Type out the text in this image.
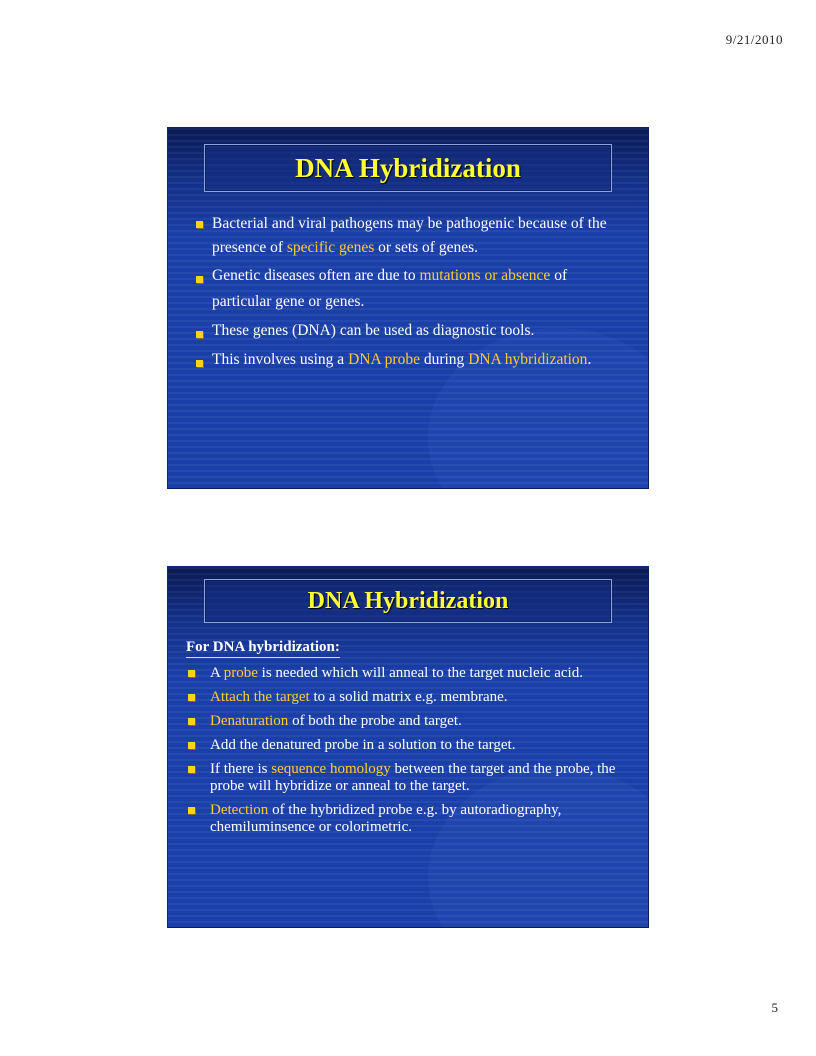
9/21/2010
DNA Hybridization
Bacterial and viral pathogens may be pathogenic because of the presence of specific genes or sets of genes.
Genetic diseases often are due to mutations or absence of particular gene or genes.
These genes (DNA) can be used as diagnostic tools.
This involves using a DNA probe during DNA hybridization.
DNA Hybridization
For DNA hybridization:
A probe is needed which will anneal to the target nucleic acid.
Attach the target to a solid matrix e.g. membrane.
Denaturation of both the probe and target.
Add the denatured probe in a solution to the target.
If there is sequence homology between the target and the probe, the probe will hybridize or anneal to the target.
Detection of the hybridized probe e.g. by autoradiography, chemiluminsence or colorimetric.
5
